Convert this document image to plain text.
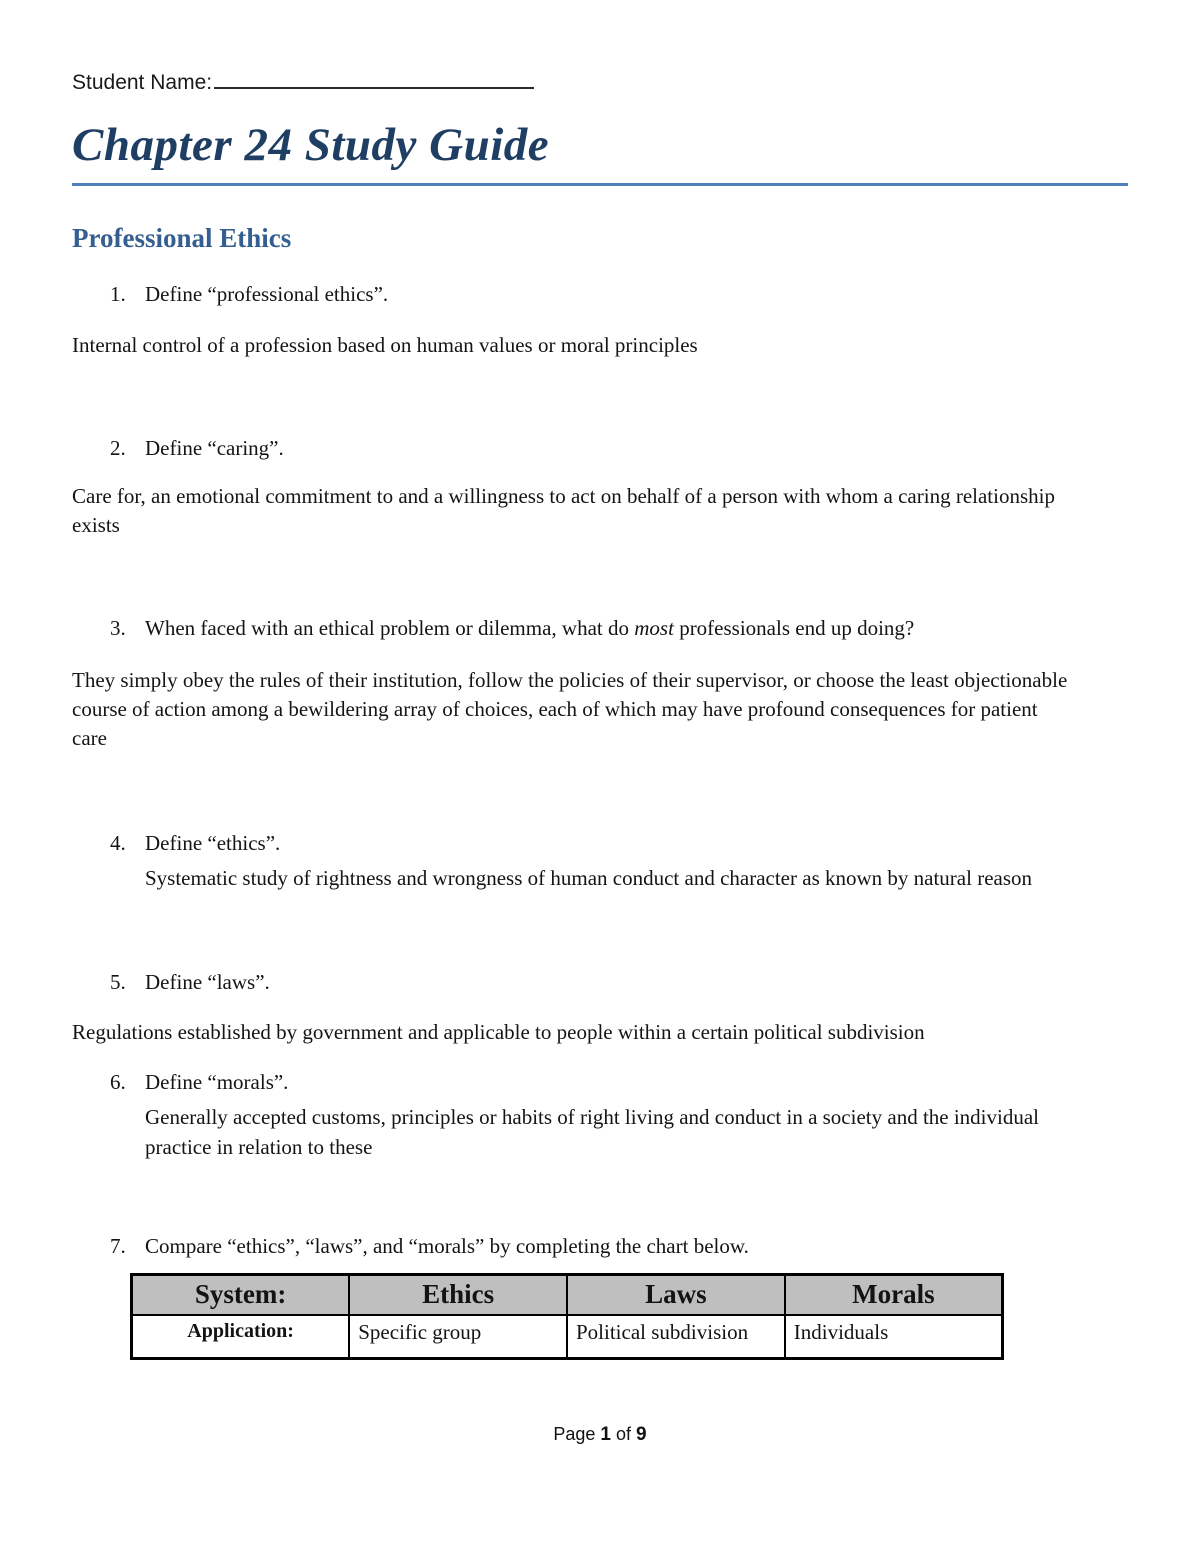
Student Name:
Chapter 24 Study Guide
Professional Ethics
1. Define “professional ethics”.

Internal control of a profession based on human values or moral principles

2. Define “caring”.

Care for, an emotional commitment to and a willingness to act on behalf of a person with whom a caring relationship exists

3. When faced with an ethical problem or dilemma, what do most professionals end up doing?

They simply obey the rules of their institution, follow the policies of their supervisor, or choose the least objectionable course of action among a bewildering array of choices, each of which may have profound consequences for patient care

4. Define “ethics”.
Systematic study of rightness and wrongness of human conduct and character as known by natural reason
5. Define “laws”.

Regulations established by government and applicable to people within a certain political subdivision

6. Define “morals”.
Generally accepted customs, principles or habits of right living and conduct in a society and the individual practice in relation to these
7. Compare “ethics”, “laws”, and “morals” by completing the chart below.
System:	Ethics	Laws	Morals
Application:	Specific group	Political subdivision	Individuals
Page 1 of 9
